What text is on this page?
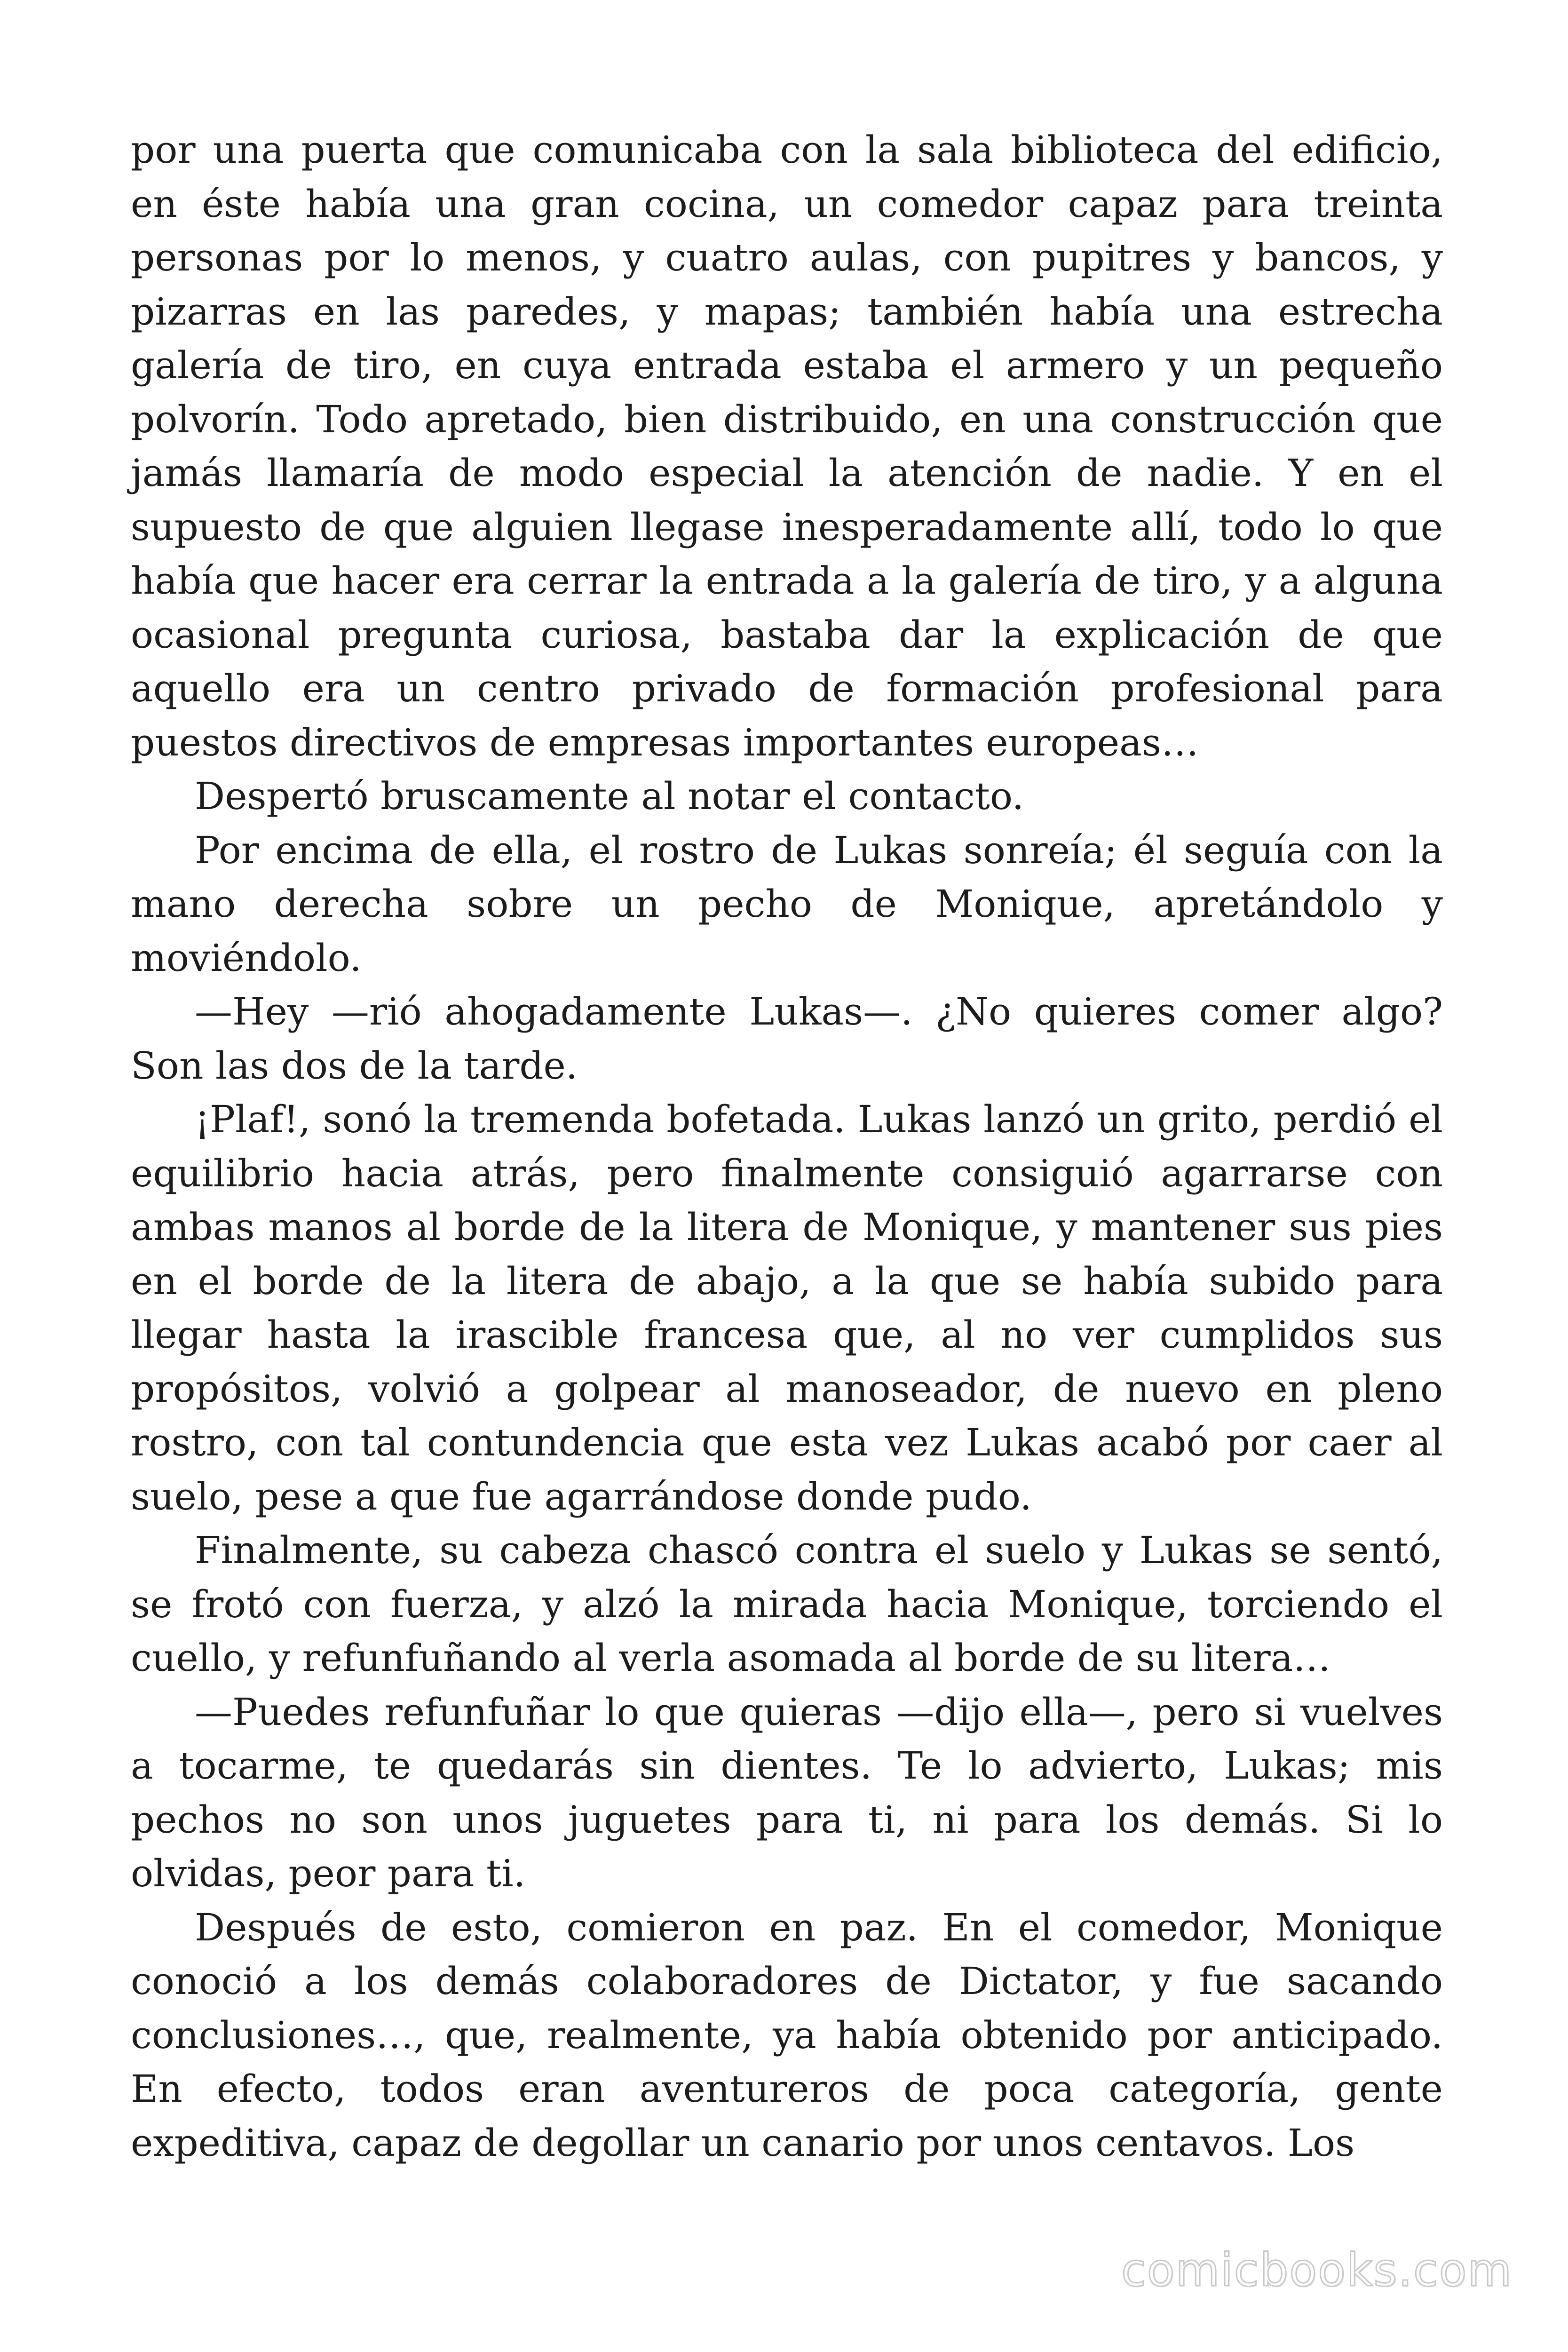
por una puerta que comunicaba con la sala biblioteca del edificio, en éste había una gran cocina, un comedor capaz para treinta personas por lo menos, y cuatro aulas, con pupitres y bancos, y pizarras en las paredes, y mapas; también había una estrecha galería de tiro, en cuya entrada estaba el armero y un pequeño polvorín. Todo apretado, bien distribuido, en una construcción que jamás llamaría de modo especial la atención de nadie. Y en el supuesto de que alguien llegase inesperadamente allí, todo lo que había que hacer era cerrar la entrada a la galería de tiro, y a alguna ocasional pregunta curiosa, bastaba dar la explicación de que aquello era un centro privado de formación profesional para puestos directivos de empresas importantes europeas…

Despertó bruscamente al notar el contacto.

Por encima de ella, el rostro de Lukas sonreía; él seguía con la mano derecha sobre un pecho de Monique, apretándolo y moviéndolo.

—Hey —rió ahogadamente Lukas—. ¿No quieres comer algo? Son las dos de la tarde.

¡Plaf!, sonó la tremenda bofetada. Lukas lanzó un grito, perdió el equilibrio hacia atrás, pero finalmente consiguió agarrarse con ambas manos al borde de la litera de Monique, y mantener sus pies en el borde de la litera de abajo, a la que se había subido para llegar hasta la irascible francesa que, al no ver cumplidos sus propósitos, volvió a golpear al manoseador, de nuevo en pleno rostro, con tal contundencia que esta vez Lukas acabó por caer al suelo, pese a que fue agarrándose donde pudo.

Finalmente, su cabeza chascó contra el suelo y Lukas se sentó, se frotó con fuerza, y alzó la mirada hacia Monique, torciendo el cuello, y refunfuñando al verla asomada al borde de su litera…

—Puedes refunfuñar lo que quieras —dijo ella—, pero si vuelves a tocarme, te quedarás sin dientes. Te lo advierto, Lukas; mis pechos no son unos juguetes para ti, ni para los demás. Si lo olvidas, peor para ti.

Después de esto, comieron en paz. En el comedor, Monique conoció a los demás colaboradores de Dictator, y fue sacando conclusiones…, que, realmente, ya había obtenido por anticipado. En efecto, todos eran aventureros de poca categoría, gente expeditiva, capaz de degollar un canario por unos centavos. Los

comicbooks.com
